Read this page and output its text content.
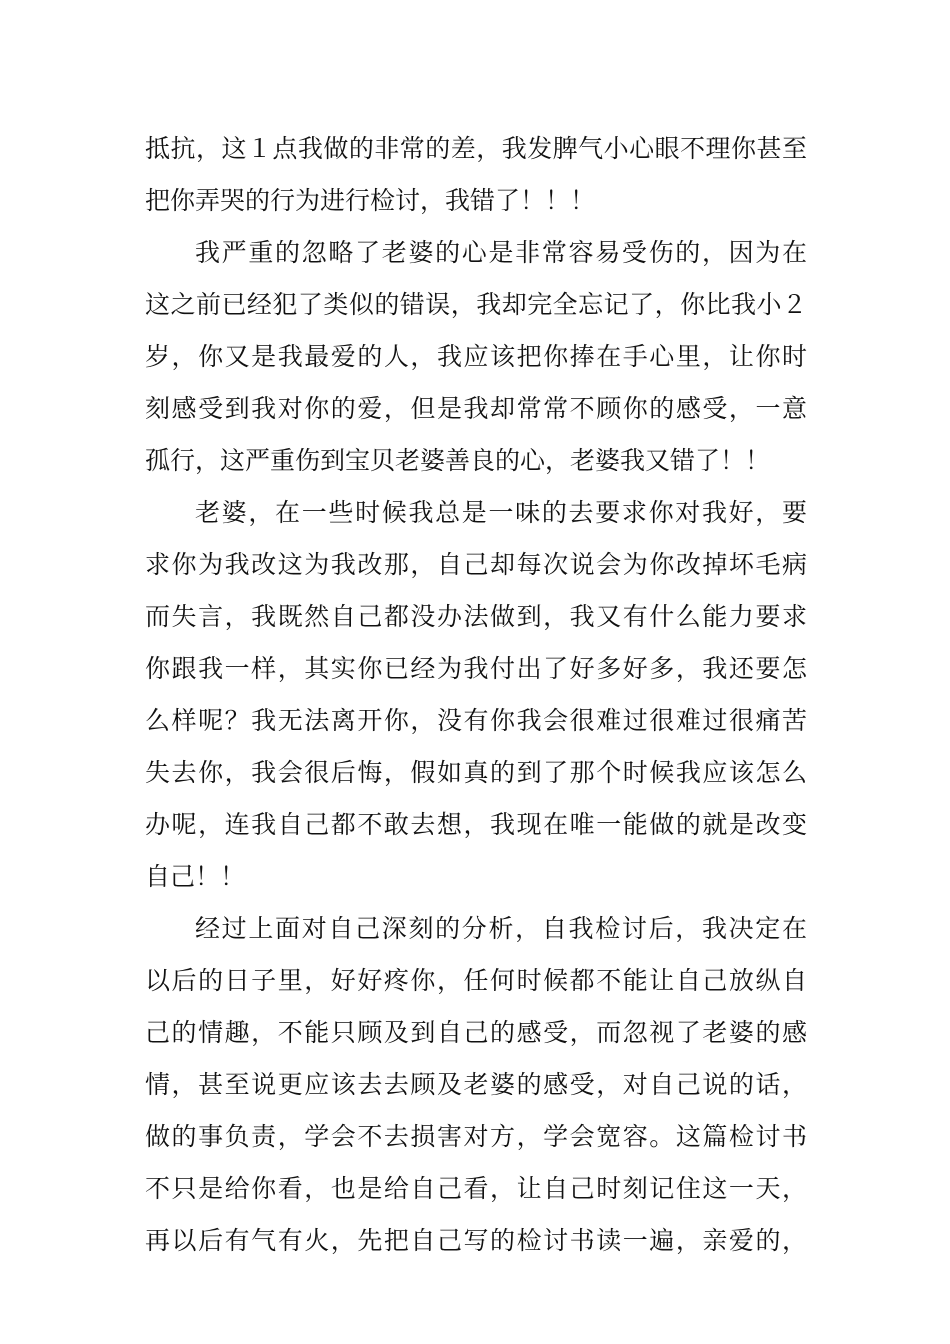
抵抗，这１点我做的非常的差，我发脾气小心眼不理你甚至
把你弄哭的行为进行检讨，我错了！！！
我严重的忽略了老婆的心是非常容易受伤的，因为在
这之前已经犯了类似的错误，我却完全忘记了，你比我小２
岁，你又是我最爱的人，我应该把你捧在手心里，让你时
刻感受到我对你的爱，但是我却常常不顾你的感受，一意
孤行，这严重伤到宝贝老婆善良的心，老婆我又错了！！
老婆，在一些时候我总是一味的去要求你对我好，要
求你为我改这为我改那，自己却每次说会为你改掉坏毛病
而失言，我既然自己都没办法做到，我又有什么能力要求
你跟我一样，其实你已经为我付出了好多好多，我还要怎
么样呢？我无法离开你，没有你我会很难过很难过很痛苦
失去你，我会很后悔，假如真的到了那个时候我应该怎么
办呢，连我自己都不敢去想，我现在唯一能做的就是改变
自己！！
经过上面对自己深刻的分析，自我检讨后，我决定在
以后的日子里，好好疼你，任何时候都不能让自己放纵自
己的情趣，不能只顾及到自己的感受，而忽视了老婆的感
情，甚至说更应该去去顾及老婆的感受，对自己说的话，
做的事负责，学会不去损害对方，学会宽容。这篇检讨书
不只是给你看，也是给自己看，让自己时刻记住这一天，
再以后有气有火，先把自己写的检讨书读一遍，亲爱的，
